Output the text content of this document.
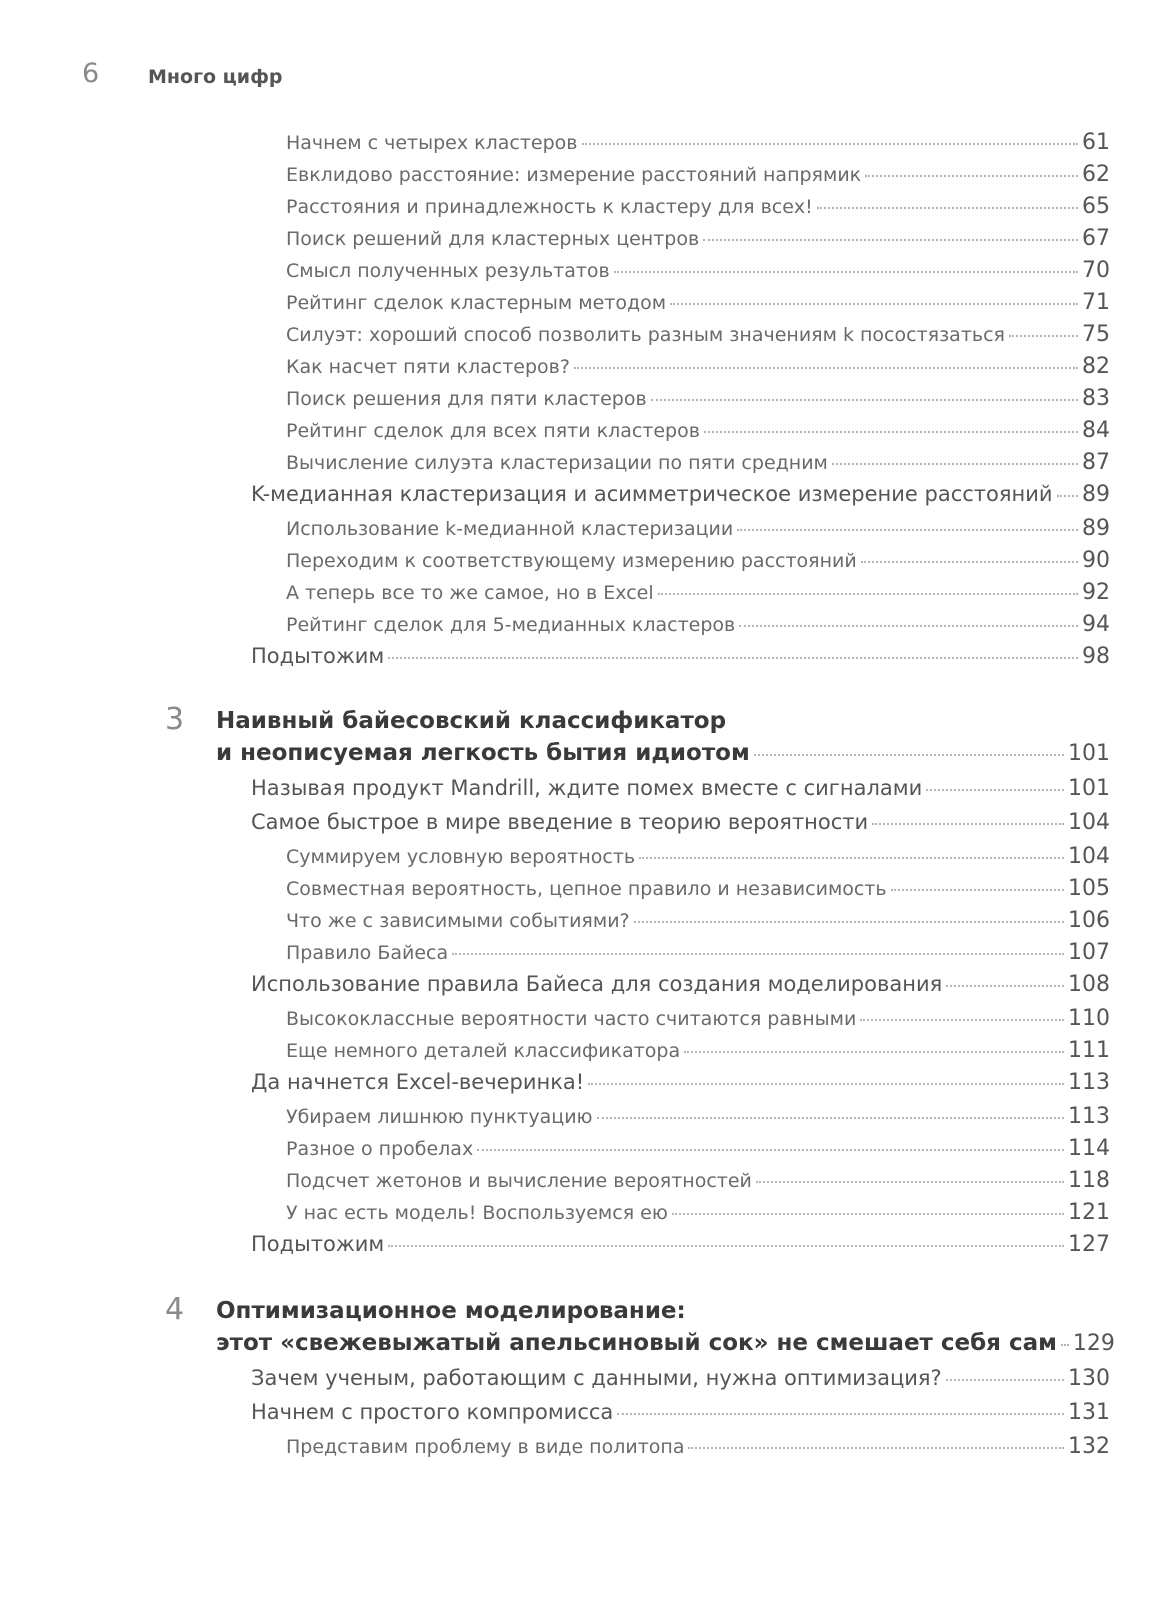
6	Много цифр
Начнем с четырех кластеров	61
Евклидово расстояние: измерение расстояний напрямик	62
Расстояния и принадлежность к кластеру для всех!	65
Поиск решений для кластерных центров	67
Смысл полученных результатов	70
Рейтинг сделок кластерным методом	71
Силуэт: хороший способ позволить разным значениям k посостязаться	75
Как насчет пяти кластеров?	82
Поиск решения для пяти кластеров	83
Рейтинг сделок для всех пяти кластеров	84
Вычисление силуэта кластеризации по пяти средним	87
K-медианная кластеризация и асимметрическое измерение расстояний 89
Использование k-медианной кластеризации	89
Переходим к соответствующему измерению расстояний	90
А теперь все то же самое, но в Excel	92
Рейтинг сделок для 5-медианных кластеров	94
Подытожим	98
3 Наивный байесовский классификатор
и неописуемая легкость бытия идиотом	101
Называя продукт Mandrill, ждите помех вместе с сигналами	101
Самое быстрое в мире введение в теорию вероятности	104
Суммируем условную вероятность	104
Совместная вероятность, цепное правило и независимость	105
Что же с зависимыми событиями?	106
Правило Байеса	107
Использование правила Байеса для создания моделирования	108
Высококлассные вероятности часто считаются равными	110
Еще немного деталей классификатора	111
Да начнется Excel-вечеринка!	113
Убираем лишнюю пунктуацию	113
Разное о пробелах	114
Подсчет жетонов и вычисление вероятностей	118
У нас есть модель! Воспользуемся ею	121
Подытожим	127
4 Оптимизационное моделирование:
этот «свежевыжатый апельсиновый сок» не смешает себя сам 129
Зачем ученым, работающим с данными, нужна оптимизация?	130
Начнем с простого компромисса	131
Представим проблему в виде политопа	132
